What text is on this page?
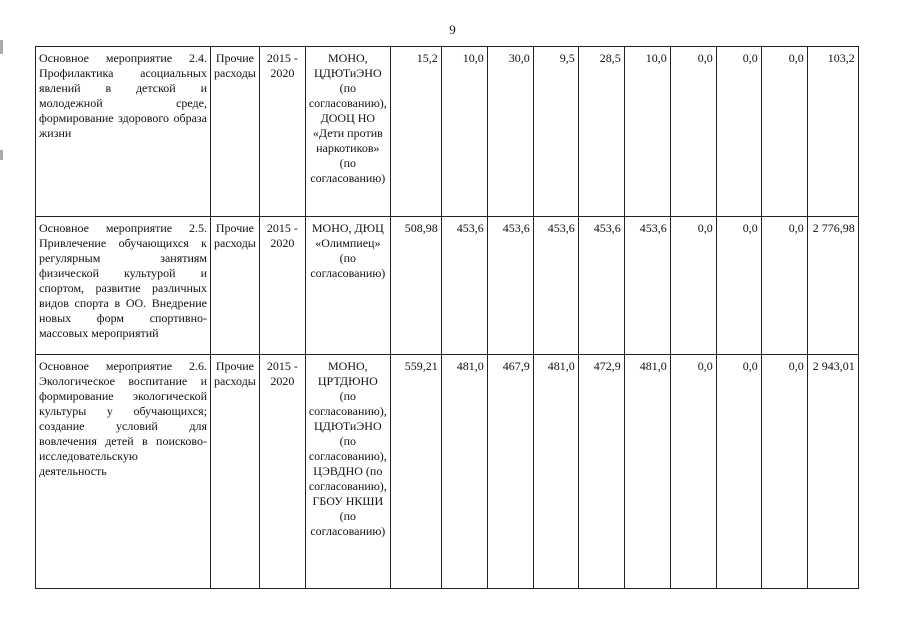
9
Основное мероприятие 2.4. Профилактика асоциальных явлений в детской и молодежной среде, формирование здорового образа жизни	Прочие расходы	2015 - 2020	МОНО, ЦДЮТиЭНО (по согласованию), ДООЦ НО «Дети против наркотиков» (по согласованию)	15,2	10,0	30,0	9,5	28,5	10,0	0,0	0,0	0,0	103,2
Основное мероприятие 2.5. Привлечение обучающихся к регулярным занятиям физической культурой и спортом, развитие различных видов спорта в ОО. Внедрение новых форм спортивно-массовых мероприятий	Прочие расходы	2015 - 2020	МОНО, ДЮЦ «Олимпиец» (по согласованию)	508,98	453,6	453,6	453,6	453,6	453,6	0,0	0,0	0,0	2 776,98
Основное мероприятие 2.6. Экологическое воспитание и формирование экологической культуры у обучающихся; создание условий для вовлечения детей в поисково-исследовательскую деятельность	Прочие расходы	2015 - 2020	МОНО, ЦРТДЮНО (по согласованию), ЦДЮТиЭНО (по согласованию), ЦЭВДНО (по согласованию), ГБОУ НКШИ (по согласованию)	559,21	481,0	467,9	481,0	472,9	481,0	0,0	0,0	0,0	2 943,01
